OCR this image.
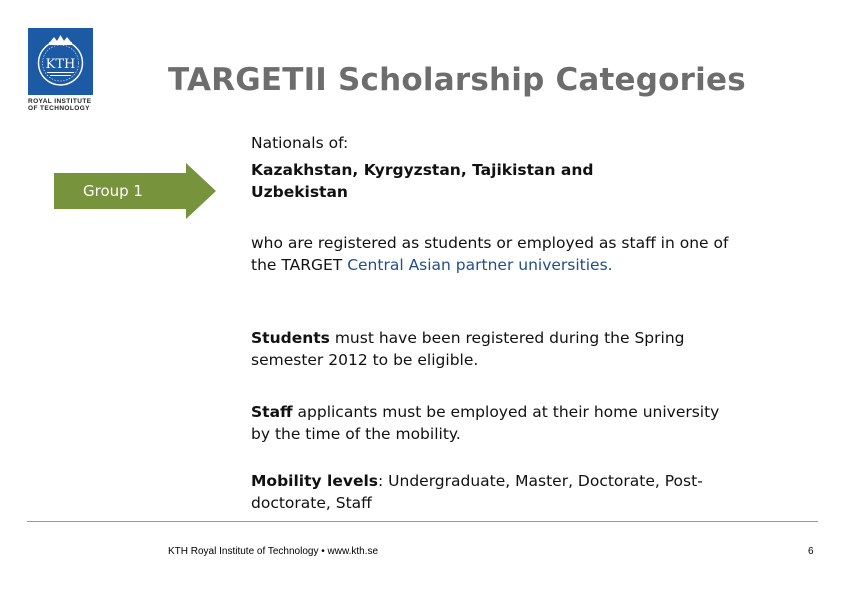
KTH
ROYAL INSTITUTE
OF TECHNOLOGY
TARGETII Scholarship Categories
Group 1
Nationals of:
Kazakhstan, Kyrgyzstan, Tajikistan and Uzbekistan
who are registered as students or employed as staff in one of the TARGET Central Asian partner universities.
Students must have been registered during the Spring semester 2012 to be eligible.
Staff applicants must be employed at their home university by the time of the mobility.
Mobility levels: Undergraduate, Master, Doctorate, Post-doctorate, Staff
KTH Royal Institute of Technology • www.kth.se	6
